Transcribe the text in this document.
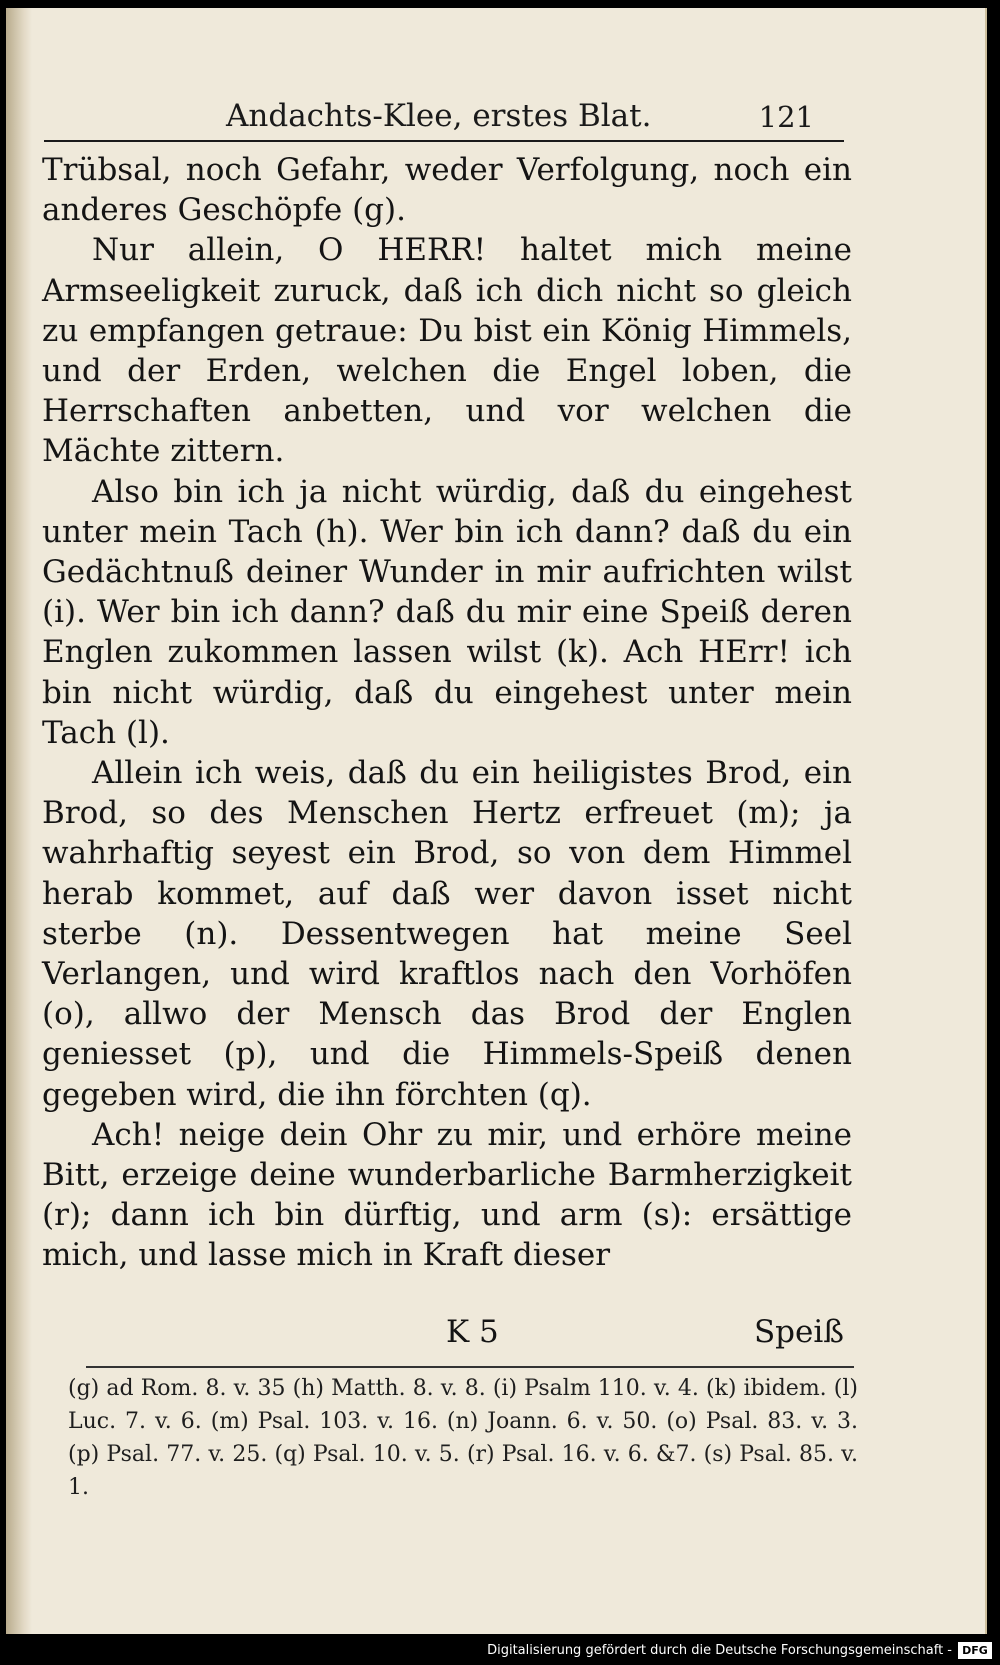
Andachts-Klee, erstes Blat.	121

Trübsal, noch Gefahr, weder Verfolgung, noch ein anderes Geschöpfe (g).

Nur allein, O HERR! haltet mich meine Armseeligkeit zuruck, daß ich dich nicht so gleich zu empfangen getraue: Du bist ein König Himmels, und der Erden, welchen die Engel loben, die Herrschaften anbetten, und vor welchen die Mächte zittern.

Also bin ich ja nicht würdig, daß du eingehest unter mein Tach (h). Wer bin ich dann? daß du ein Gedächtnuß deiner Wunder in mir aufrichten wilst (i). Wer bin ich dann? daß du mir eine Speiß deren Englen zukommen lassen wilst (k). Ach HErr! ich bin nicht würdig, daß du eingehest unter mein Tach (l).

Allein ich weis, daß du ein heiligistes Brod, ein Brod, so des Menschen Hertz erfreuet (m); ja wahrhaftig seyest ein Brod, so von dem Himmel herab kommet, auf daß wer davon isset nicht sterbe (n). Dessentwegen hat meine Seel Verlangen, und wird kraftlos nach den Vorhöfen (o), allwo der Mensch das Brod der Englen geniesset (p), und die Himmels-Speiß denen gegeben wird, die ihn förchten (q).

Ach! neige dein Ohr zu mir, und erhöre meine Bitt, erzeige deine wunderbarliche Barmherzigkeit (r); dann ich bin dürftig, und arm (s): ersättige mich, und lasse mich in Kraft dieser

K 5	Speiß
(g) ad Rom. 8. v. 35 (h) Matth. 8. v. 8. (i) Psalm 110. v. 4. (k) ibidem. (l) Luc. 7. v. 6. (m) Psal. 103. v. 16. (n) Joann. 6. v. 50. (o) Psal. 83. v. 3. (p) Psal. 77. v. 25. (q) Psal. 10. v. 5. (r) Psal. 16. v. 6. &7. (s) Psal. 85. v. 1.
Digitalisierung gefördert durch die Deutsche Forschungsgemeinschaft - DFG
